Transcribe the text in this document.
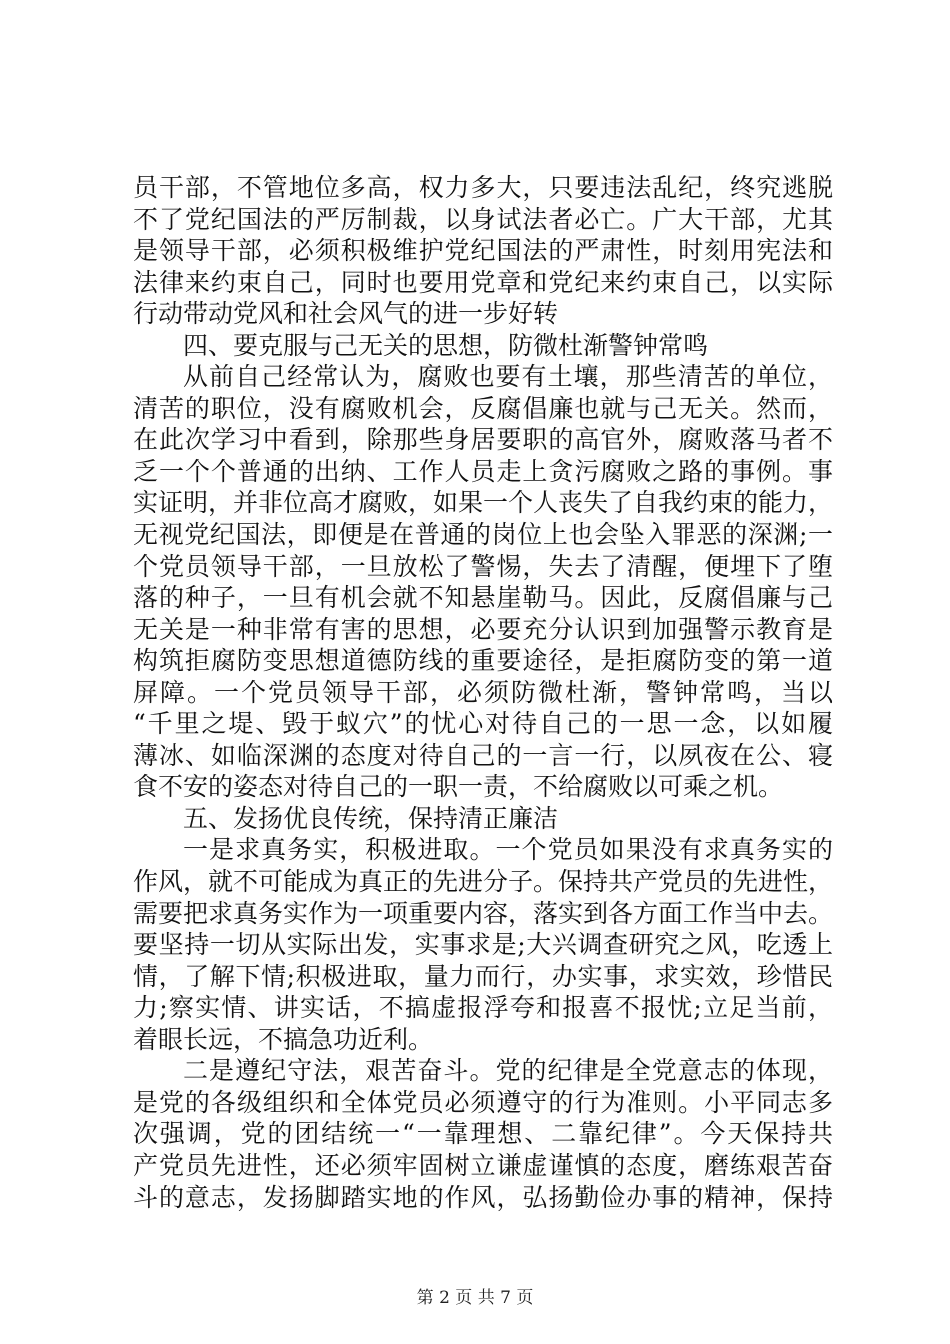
员干部，不管地位多高，权力多大，只要违法乱纪，终究逃脱
不了党纪国法的严厉制裁，以身试法者必亡。广大干部，尤其
是领导干部，必须积极维护党纪国法的严肃性，时刻用宪法和
法律来约束自己，同时也要用党章和党纪来约束自己，以实际
行动带动党风和社会风气的进一步好转
四、要克服与己无关的思想，防微杜渐警钟常鸣
从前自己经常认为，腐败也要有土壤，那些清苦的单位，
清苦的职位，没有腐败机会，反腐倡廉也就与己无关。然而，
在此次学习中看到，除那些身居要职的高官外，腐败落马者不
乏一个个普通的出纳、工作人员走上贪污腐败之路的事例。事
实证明，并非位高才腐败，如果一个人丧失了自我约束的能力，
无视党纪国法，即便是在普通的岗位上也会坠入罪恶的深渊;一
个党员领导干部，一旦放松了警惕，失去了清醒，便埋下了堕
落的种子，一旦有机会就不知悬崖勒马。因此，反腐倡廉与己
无关是一种非常有害的思想，必要充分认识到加强警示教育是
构筑拒腐防变思想道德防线的重要途径，是拒腐防变的第一道
屏障。一个党员领导干部，必须防微杜渐，警钟常鸣，当以
“千里之堤、毁于蚁穴”的忧心对待自己的一思一念，以如履
薄冰、如临深渊的态度对待自己的一言一行，以夙夜在公、寝
食不安的姿态对待自己的一职一责，不给腐败以可乘之机。
五、发扬优良传统，保持清正廉洁
一是求真务实，积极进取。一个党员如果没有求真务实的
作风，就不可能成为真正的先进分子。保持共产党员的先进性，
需要把求真务实作为一项重要内容，落实到各方面工作当中去。
要坚持一切从实际出发，实事求是;大兴调查研究之风，吃透上
情，了解下情;积极进取，量力而行，办实事，求实效，珍惜民
力;察实情、讲实话，不搞虚报浮夸和报喜不报忧;立足当前，
着眼长远，不搞急功近利。
二是遵纪守法，艰苦奋斗。党的纪律是全党意志的体现，
是党的各级组织和全体党员必须遵守的行为准则。小平同志多
次强调，党的团结统一“一靠理想、二靠纪律”。今天保持共
产党员先进性，还必须牢固树立谦虚谨慎的态度，磨练艰苦奋
斗的意志，发扬脚踏实地的作风，弘扬勤俭办事的精神，保持
第 2 页 共 7 页
